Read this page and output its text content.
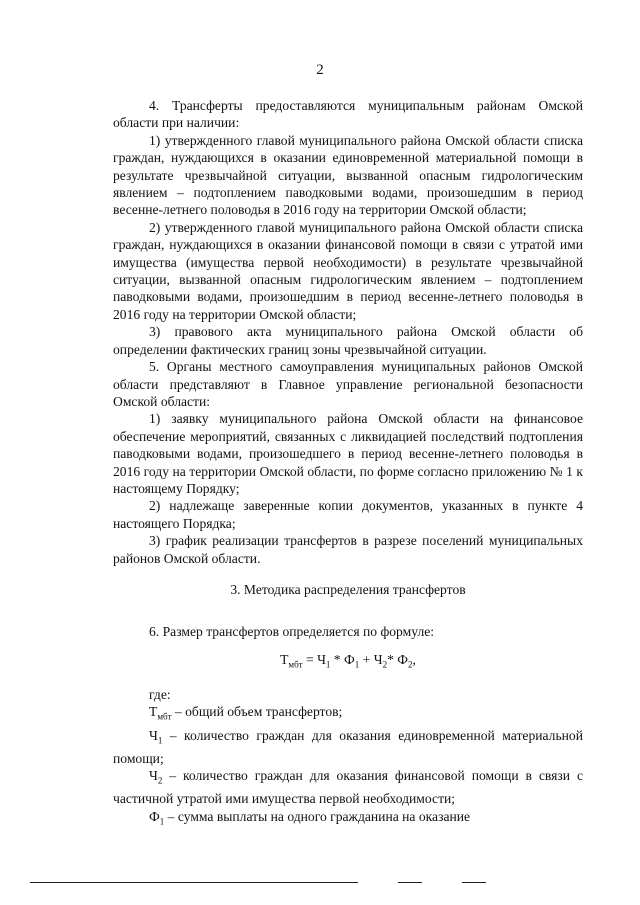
2

4. Трансферты предоставляются муниципальным районам Омской области при наличии:

1) утвержденного главой муниципального района Омской области списка граждан, нуждающихся в оказании единовременной материальной помощи в результате чрезвычайной ситуации, вызванной опасным гидрологическим явлением – подтоплением паводковыми водами, произошедшим в период весенне-летнего половодья в 2016 году на территории Омской области;

2) утвержденного главой муниципального района Омской области списка граждан, нуждающихся в оказании финансовой помощи в связи с утратой ими имущества (имущества первой необходимости) в результате чрезвычайной ситуации, вызванной опасным гидрологическим явлением – подтоплением паводковыми водами, произошедшим в период весенне-летнего половодья в 2016 году на территории Омской области;

3) правового акта муниципального района Омской области об определении фактических границ зоны чрезвычайной ситуации.

5. Органы местного самоуправления муниципальных районов Омской области представляют в Главное управление региональной безопасности Омской области:

1) заявку муниципального района Омской области на финансовое обеспечение мероприятий, связанных с ликвидацией последствий подтопления паводковыми водами, произошедшего в период весенне-летнего половодья в 2016 году на территории Омской области, по форме согласно приложению № 1 к настоящему Порядку;

2) надлежаще заверенные копии документов, указанных в пункте 4 настоящего Порядка;

3) график реализации трансфертов в разрезе поселений муниципальных районов Омской области.

3. Методика распределения трансфертов

6. Размер трансфертов определяется по формуле:

$Т_{мбт} = Ч_1 * Ф_1 + Ч_2*$ $Ф_2$,

где:

$Т_{мбт}$ – общий объем трансфертов;

$Ч_1$ – количество граждан для оказания единовременной материальной помощи;

$Ч_2$ – количество граждан для оказания финансовой помощи в связи с частичной утратой ими имущества первой необходимости;

$Ф_1$ – сумма выплаты на одного гражданина на оказание
